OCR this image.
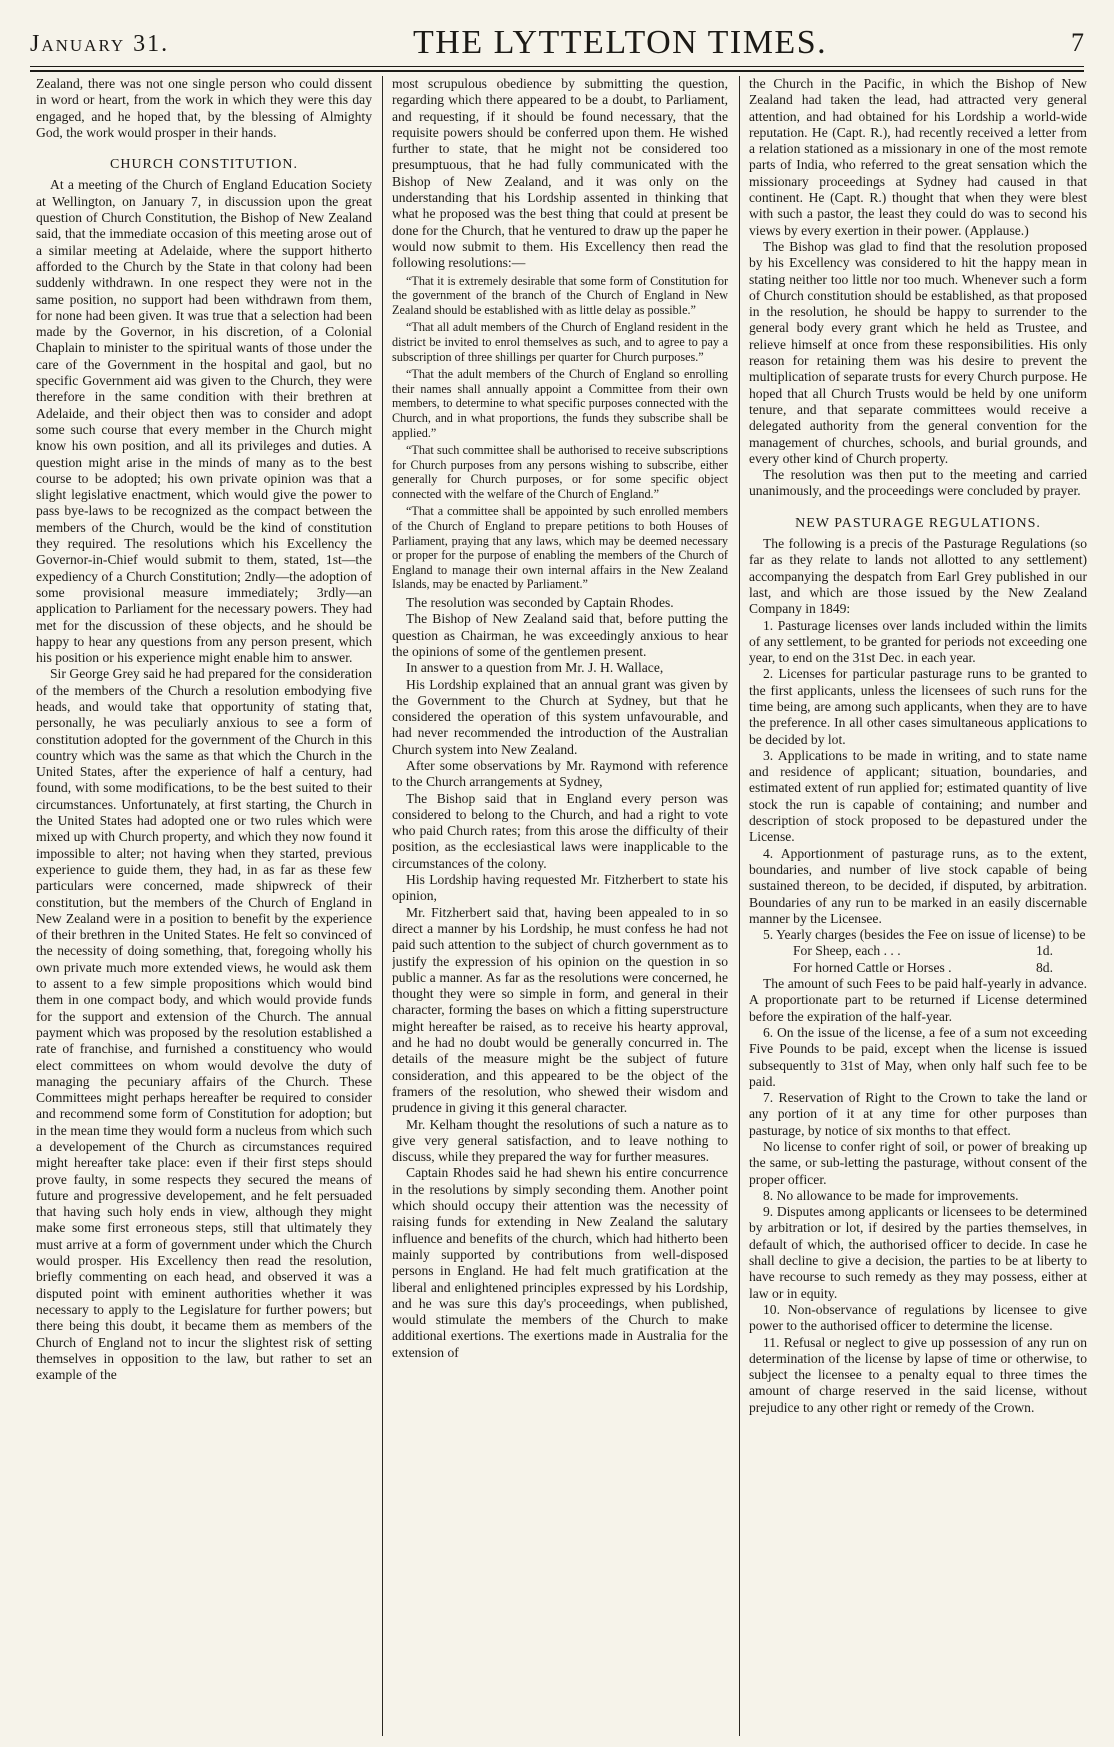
January 31.	THE LYTTELTON TIMES.	7

Zealand, there was not one single person who could dissent in word or heart, from the work in which they were this day engaged, and he hoped that, by the blessing of Almighty God, the work would prosper in their hands.

CHURCH CONSTITUTION.

At a meeting of the Church of England Education Society at Wellington, on January 7, in discussion upon the great question of Church Constitution, the Bishop of New Zealand said, that the immediate occasion of this meeting arose out of a similar meeting at Adelaide, where the support hitherto afforded to the Church by the State in that colony had been suddenly withdrawn. In one respect they were not in the same position, no support had been withdrawn from them, for none had been given. It was true that a selection had been made by the Governor, in his discretion, of a Colonial Chaplain to minister to the spiritual wants of those under the care of the Government in the hospital and gaol, but no specific Government aid was given to the Church, they were therefore in the same condition with their brethren at Adelaide, and their object then was to consider and adopt some such course that every member in the Church might know his own position, and all its privileges and duties. A question might arise in the minds of many as to the best course to be adopted; his own private opinion was that a slight legislative enactment, which would give the power to pass bye-laws to be recognized as the compact between the members of the Church, would be the kind of constitution they required. The resolutions which his Excellency the Governor-in-Chief would submit to them, stated, 1st—the expediency of a Church Constitution; 2ndly—the adoption of some provisional measure immediately; 3rdly—an application to Parliament for the necessary powers. They had met for the discussion of these objects, and he should be happy to hear any questions from any person present, which his position or his experience might enable him to answer.

Sir George Grey said he had prepared for the consideration of the members of the Church a resolution embodying five heads, and would take that opportunity of stating that, personally, he was peculiarly anxious to see a form of constitution adopted for the government of the Church in this country which was the same as that which the Church in the United States, after the experience of half a century, had found, with some modifications, to be the best suited to their circumstances. Unfortunately, at first starting, the Church in the United States had adopted one or two rules which were mixed up with Church property, and which they now found it impossible to alter; not having when they started, previous experience to guide them, they had, in as far as these few particulars were concerned, made shipwreck of their constitution, but the members of the Church of England in New Zealand were in a position to benefit by the experience of their brethren in the United States. He felt so convinced of the necessity of doing something, that, foregoing wholly his own private much more extended views, he would ask them to assent to a few simple propositions which would bind them in one compact body, and which would provide funds for the support and extension of the Church. The annual payment which was proposed by the resolution established a rate of franchise, and furnished a constituency who would elect committees on whom would devolve the duty of managing the pecuniary affairs of the Church. These Committees might perhaps hereafter be required to consider and recommend some form of Constitution for adoption; but in the mean time they would form a nucleus from which such a developement of the Church as circumstances required might hereafter take place: even if their first steps should prove faulty, in some respects they secured the means of future and progressive developement, and he felt persuaded that having such holy ends in view, although they might make some first erroneous steps, still that ultimately they must arrive at a form of government under which the Church would prosper. His Excellency then read the resolution, briefly commenting on each head, and observed it was a disputed point with eminent authorities whether it was necessary to apply to the Legislature for further powers; but there being this doubt, it became them as members of the Church of England not to incur the slightest risk of setting themselves in opposition to the law, but rather to set an example of the

most scrupulous obedience by submitting the question, regarding which there appeared to be a doubt, to Parliament, and requesting, if it should be found necessary, that the requisite powers should be conferred upon them. He wished further to state, that he might not be considered too presumptuous, that he had fully communicated with the Bishop of New Zealand, and it was only on the understanding that his Lordship assented in thinking that what he proposed was the best thing that could at present be done for the Church, that he ventured to draw up the paper he would now submit to them. His Excellency then read the following resolutions:—

“That it is extremely desirable that some form of Constitution for the government of the branch of the Church of England in New Zealand should be established with as little delay as possible.”

“That all adult members of the Church of England resident in the district be invited to enrol themselves as such, and to agree to pay a subscription of three shillings per quarter for Church purposes.”

“That the adult members of the Church of England so enrolling their names shall annually appoint a Committee from their own members, to determine to what specific purposes connected with the Church, and in what proportions, the funds they subscribe shall be applied.”

“That such committee shall be authorised to receive subscriptions for Church purposes from any persons wishing to subscribe, either generally for Church purposes, or for some specific object connected with the welfare of the Church of England.”

“That a committee shall be appointed by such enrolled members of the Church of England to prepare petitions to both Houses of Parliament, praying that any laws, which may be deemed necessary or proper for the purpose of enabling the members of the Church of England to manage their own internal affairs in the New Zealand Islands, may be enacted by Parliament.”

The resolution was seconded by Captain Rhodes.

The Bishop of New Zealand said that, before putting the question as Chairman, he was exceedingly anxious to hear the opinions of some of the gentlemen present.

In answer to a question from Mr. J. H. Wallace,

His Lordship explained that an annual grant was given by the Government to the Church at Sydney, but that he considered the operation of this system unfavourable, and had never recommended the introduction of the Australian Church system into New Zealand.

After some observations by Mr. Raymond with reference to the Church arrangements at Sydney,

The Bishop said that in England every person was considered to belong to the Church, and had a right to vote who paid Church rates; from this arose the difficulty of their position, as the ecclesiastical laws were inapplicable to the circumstances of the colony.

His Lordship having requested Mr. Fitzherbert to state his opinion,

Mr. Fitzherbert said that, having been appealed to in so direct a manner by his Lordship, he must confess he had not paid such attention to the subject of church government as to justify the expression of his opinion on the question in so public a manner. As far as the resolutions were concerned, he thought they were so simple in form, and general in their character, forming the bases on which a fitting superstructure might hereafter be raised, as to receive his hearty approval, and he had no doubt would be generally concurred in. The details of the measure might be the subject of future consideration, and this appeared to be the object of the framers of the resolution, who shewed their wisdom and prudence in giving it this general character.

Mr. Kelham thought the resolutions of such a nature as to give very general satisfaction, and to leave nothing to discuss, while they prepared the way for further measures.

Captain Rhodes said he had shewn his entire concurrence in the resolutions by simply seconding them. Another point which should occupy their attention was the necessity of raising funds for extending in New Zealand the salutary influence and benefits of the church, which had hitherto been mainly supported by contributions from well-disposed persons in England. He had felt much gratification at the liberal and enlightened principles expressed by his Lordship, and he was sure this day's proceedings, when published, would stimulate the members of the Church to make additional exertions. The exertions made in Australia for the extension of

the Church in the Pacific, in which the Bishop of New Zealand had taken the lead, had attracted very general attention, and had obtained for his Lordship a world-wide reputation. He (Capt. R.), had recently received a letter from a relation stationed as a missionary in one of the most remote parts of India, who referred to the great sensation which the missionary proceedings at Sydney had caused in that continent. He (Capt. R.) thought that when they were blest with such a pastor, the least they could do was to second his views by every exertion in their power. (Applause.)

The Bishop was glad to find that the resolution proposed by his Excellency was considered to hit the happy mean in stating neither too little nor too much. Whenever such a form of Church constitution should be established, as that proposed in the resolution, he should be happy to surrender to the general body every grant which he held as Trustee, and relieve himself at once from these responsibilities. His only reason for retaining them was his desire to prevent the multiplication of separate trusts for every Church purpose. He hoped that all Church Trusts would be held by one uniform tenure, and that separate committees would receive a delegated authority from the general convention for the management of churches, schools, and burial grounds, and every other kind of Church property.

The resolution was then put to the meeting and carried unanimously, and the proceedings were concluded by prayer.

NEW PASTURAGE REGULATIONS.

The following is a precis of the Pasturage Regulations (so far as they relate to lands not allotted to any settlement) accompanying the despatch from Earl Grey published in our last, and which are those issued by the New Zealand Company in 1849:

1. Pasturage licenses over lands included within the limits of any settlement, to be granted for periods not exceeding one year, to end on the 31st Dec. in each year.

2. Licenses for particular pasturage runs to be granted to the first applicants, unless the licensees of such runs for the time being, are among such applicants, when they are to have the preference. In all other cases simultaneous applications to be decided by lot.

3. Applications to be made in writing, and to state name and residence of applicant; situation, boundaries, and estimated extent of run applied for; estimated quantity of live stock the run is capable of containing; and number and description of stock proposed to be depastured under the License.

4. Apportionment of pasturage runs, as to the extent, boundaries, and number of live stock capable of being sustained thereon, to be decided, if disputed, by arbitration. Boundaries of any run to be marked in an easily discernable manner by the Licensee.

5. Yearly charges (besides the Fee on issue of license) to be

For Sheep, each . . .	1d.
For horned Cattle or Horses .	8d.

The amount of such Fees to be paid half-yearly in advance. A proportionate part to be returned if License determined before the expiration of the half-year.

6. On the issue of the license, a fee of a sum not exceeding Five Pounds to be paid, except when the license is issued subsequently to 31st of May, when only half such fee to be paid.

7. Reservation of Right to the Crown to take the land or any portion of it at any time for other purposes than pasturage, by notice of six months to that effect.

No license to confer right of soil, or power of breaking up the same, or sub-letting the pasturage, without consent of the proper officer.

8. No allowance to be made for improvements.

9. Disputes among applicants or licensees to be determined by arbitration or lot, if desired by the parties themselves, in default of which, the authorised officer to decide. In case he shall decline to give a decision, the parties to be at liberty to have recourse to such remedy as they may possess, either at law or in equity.

10. Non-observance of regulations by licensee to give power to the authorised officer to determine the license.

11. Refusal or neglect to give up possession of any run on determination of the license by lapse of time or otherwise, to subject the licensee to a penalty equal to three times the amount of charge reserved in the said license, without prejudice to any other right or remedy of the Crown.
